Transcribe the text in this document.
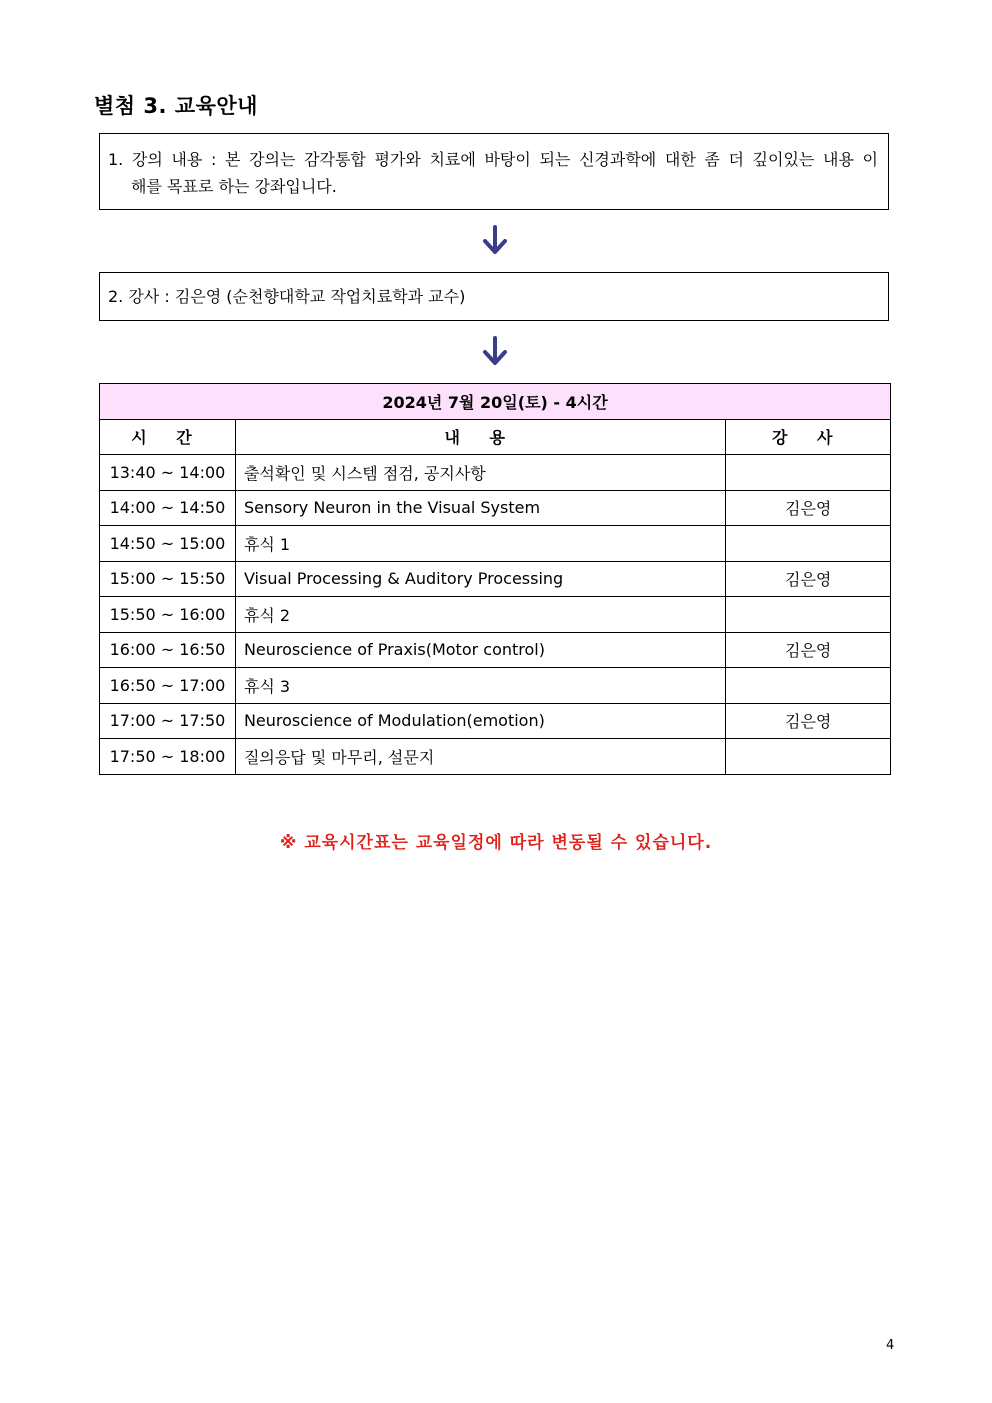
별첨 3. 교육안내
1. 강의 내용 : 본 강의는 감각통합 평가와 치료에 바탕이 되는 신경과학에 대한 좀 더 깊이있는 내용 이
해를 목표로 하는 강좌입니다.
2. 강사 : 김은영 (순천향대학교 작업치료학과 교수)
2024년 7월 20일(토) - 4시간		
시 간	내 용	강 사
13:40 ~ 14:00	출석확인 및 시스템 점검, 공지사항	
14:00 ~ 14:50	Sensory Neuron in the Visual System	김은영
14:50 ~ 15:00	휴식 1	
15:00 ~ 15:50	Visual Processing & Auditory Processing	김은영
15:50 ~ 16:00	휴식 2	
16:00 ~ 16:50	Neuroscience of Praxis(Motor control)	김은영
16:50 ~ 17:00	휴식 3	
17:00 ~ 17:50	Neuroscience of Modulation(emotion)	김은영
17:50 ~ 18:00	질의응답 및 마무리, 설문지	
※ 교육시간표는 교육일정에 따라 변동될 수 있습니다.
4
